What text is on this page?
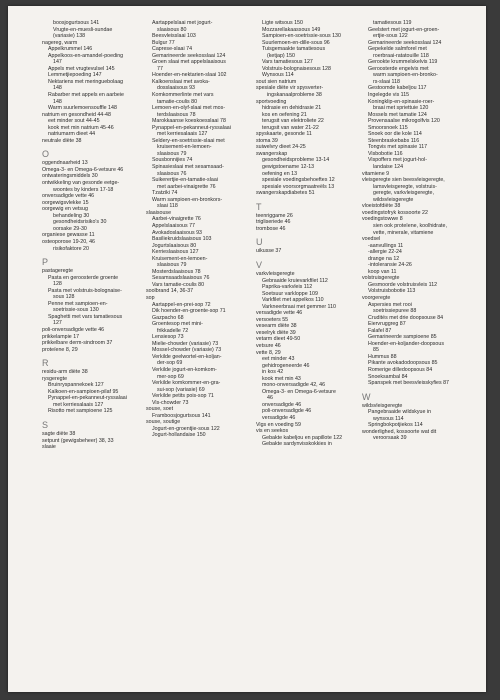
boosjogurtsous 141

Vrugte-en-muesli-sundae

(variasie) 138

nagereg, warm

Appelkrummel 146

Appelkoos-en-amandel-poeding

147

Appels met vrugtevulsel 145

Lemmetjiepoeding 147

Nektariens met meringuebolaag

148

Rabarber met appels en aarbeie

148

Warm suurlemoensouffle 148

natrium en gesondheid 44-48

eet minder sout 44-45

kook met min natrium 45-46

natriumarm dieet 44

neutrale diëte 38

O

oggendnaarheid 13

Omega-3- en Omega-6-vetsure 46

ontwateringsmiddels 30

ontwikkeling van gesonde eetge-

woontes by kinders 17-18

onversadigde vette 46

oorgewigsvlekke 15

oorgewig en vetsug

behandeling 30

gesondheidsrisiko's 30

oorsake 29-30

organiese gewasse 11

osteoporose 19-20, 46

risikofaktore 20

P

pastageregte

Pasta en geroosterde groente

128

Pasta met volstruis-bolognaise-

sous 128

Penne met sampioen-en-

soetrissie-sous 130

Spaghetti met vars tamatiesous

127

poli-onversadigde vette 46

prikkelampie 17

prikkelbare derm-sindroom 37

proteïene 8, 29

R

residu-arm diëte 38

rysgeregte

Bruinryspannekoek 127

Kalkoen-en-sampioen-pilaf 95

Pynappel-en-pekanneut-ryssalaai

met kerriesalaais 127

Risotto met sampioene 125

S

sagte diëte 38

setpunt (gewigsbeheer) 38, 33

slaaie

Aartappelslaai met jogurt-

slaaisous 80

Beesvleisslaai 103

Bulgur 77

Caprese-slaai 74

Gemarineerde seekosslaai 124

Groen slaai met appelslaaisous

77

Hoender-en-nektarien-slaai 102

Kalkoenslaai met avoka-

dosslaaisous 93

Komkommerlinte met vars

tamatie-coulis 80

Lemoen-en-olyf-slaai met mos-

terdslaaisous 78

Marokkaanse koeskoesslaai 78

Pynappel-en-pekanneut-ryssalaai

met kerriesalaais 127

Seldery-en-soetrissie-slaai met

kruisement-en-lemoen-

slaaisous 79

Sousbonnijies 74

Spinasieslaai met sesamsaad-

slaaisous 76

Suikerertjie-en-tamatie-slaai

met aarbei-vinaigrette 76

Tzatziki 74

Warm sampioen-en-bronkors-

slaai 118

slaaisouse

Aarbei-vinaigrette 76

Appelslaaisous 77

Avokadoslaaisous 93

Basiliekruidslaaisous 103

Jogurtslaaisous 80

Kerrieslaaisous 127

Kruisement-en-lemoen-

slaaisous 79

Mosterdslaaisous 78

Sesamsaadslaaisous 76

Vars tamatie-coulis 80

soolbrand 14, 36-37

sop

Aartappel-en-prei-sop 72

Dik hoender-en-groente-sop 71

Gazpacho 68

Groentesop met mini-

frikkadelle 72

Lensiesop 73

Mielie-chowder (variasie) 73

Mossel-chowder (variasie) 73

Verkilde geelwortel-en-koljan-

der-sop 69

Verkilde jogurt-en-komkom-

mer-sop 69

Verkilde komkommer-en-gra-

sui-sop (variasie) 69

Verkilde petits pois-sop 71

Vis-chowder 73

souse, soet

Framboosjogurtsous 141

souse, soutige

Jogurt-en-groentjie-sous 122

Jogurt-hollandaise 150

Ligte witsous 150

Mozzarellakaassous 149

Sampioen-en-soetrissie-sous 130

Suurlemoen-en-dille-sous 96

Tuisgemaakte tamatiesous

(ketjap) 150

Vars tamatiesous 127

Volstruis-bolognaisesous 128

Wynsous 114

sout sien natrium

spesiale diëte vir spysverter-

ingskanaalprobleme 38

sportvoeding

hidrasie en dehidrasie 21

kos en oefening 21

terugsit van elektroliete 22

terugsit van water 21-22

spyskaarte, gesonde 11

stoma 39

suiwelvry dieet 24-25

swangerskap

gesondheidsprobleme 13-14

gewigstoename 12-13

oefening en 13

spesiale voedingsbehoeftes 12

spesiale voorsorgmaatreëls 13

swangerskapdiabetes 51

T

teenriggame 26

trigliseriede 46

trombose 46

U

uikusse 37

V

varkvleisgeregte

Gebraaide kruievarkfilet 112

Paprika-varkvleis 112

Soetsuur varkloppe 109

Varkfilet met appelkos 110

Varkneerbraai met gemmer 110

versadigde vette 46

versoeters 55

vesearm diëte 38

veselryk diëte 39

vetarm dieet 49-50

vetsure 46

vette 8, 29

eet minder 43

gehidrogeneerde 46

in kos 42

kook met min 43

mono-onversadigde 42, 46

Omega-3- en Omega-6-vetsure

46

onversadigde 46

poli-onversadigde 46

versadigde 46

Vigs en voeding 59

vis en seekos

Gebakte kabeljou en papillote 122

Gebakte sardynvisskokkies in

tamatiesous 119

Geelstert met jogurt-en-groen-

ertjie-sous 122

Gemarineerde seekosslaai 124

Gepekelde salmforel met

roerbraai-ratatouille 118

Gerookte krummelskelvis 119

Geroosterde engelvis met

warm sampioen-en-bronko-

rs-slaai 118

Gestoomde kabeljou 117

Ingelegde vis 115

Koningklip-en-spinasie-roer-

braai met spriettuie 120

Mossels met tamatie 124

Provensaalse mikrogolfvis 120

Smoorsnoek 115

Snoek oor die kole 114

Steenbraskebabs 116

Tongvis met spinasie 117

Visbobotie 116

Vispoffers met jogurt-hol-

landaise 124

vitamiene 9

vleisgeregte sien beesvleisgeregte,

lamsvleisgeregte, volstruis-

geregte, varkvleisgeregte,

wildsvleisgeregte

vloeistofdiëte 38

voedingstofryk kossoorte 22

voedingstowwe 8

sien ook proteïene, koolhidrate,

vette, minerale, vitamiene

voedsel

-aanvullings 11

-allergie 22-24

drange na 12

-intoleransie 24-26

koop van 11

volstruisgeregte

Gesmoorde volstruisvleis 112

Volstruisbobotie 113

voorgeregte

Aspersies met rooi

soetrissiepuree 88

Crudités met drie doopsouse 84

Eiervruggreg 87

Falafel 87

Gemarineerde sampioene 85

Hoender-en-koljander-doopsous

85

Hummus 88

Pikante avokadodoopsous 85

Romerige dilledoopsous 84

Snoeksambal 84

Spanspek met beesvleisskyfies 87

W

wildsvleisgeregte

Pangebraaide wildskyue in

wynsous 114

Springbokpotjiekos 114

wonderlighed, kossoorte wat dit

veroorsaak 39
